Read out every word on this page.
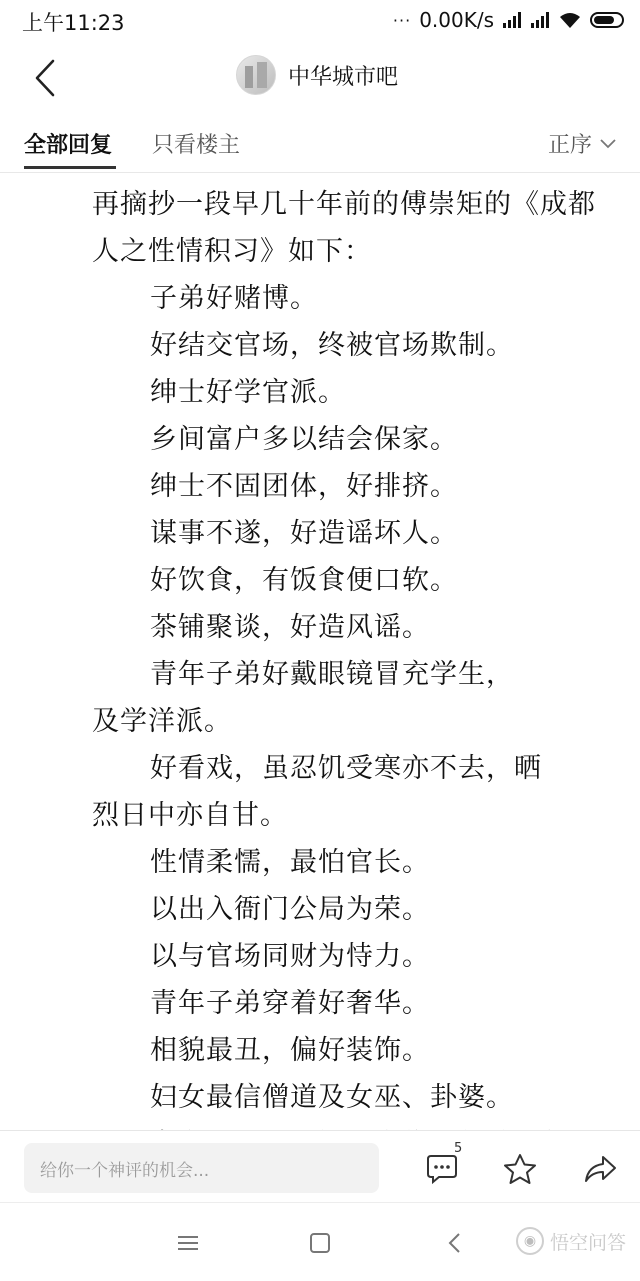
上午11:23	··· 0.00K/s
中华城市吧
全部回复 只看楼主	正序
再摘抄一段早几十年前的傅崇矩的《成都
人之性情积习》如下：
子弟好赌博。
好结交官场，终被官场欺制。
绅士好学官派。
乡间富户多以结会保家。
绅士不固团体，好排挤。
谋事不遂，好造谣坏人。
好饮食，有饭食便口软。
茶铺聚谈，好造风谣。
青年子弟好戴眼镜冒充学生，
及学洋派。
好看戏，虽忍饥受寒亦不去，晒
烈日中亦自甘。
性情柔懦，最怕官长。
以出入衙门公局为荣。
以与官场同财为恃力。
青年子弟穿着好奢华。
相貌最丑，偏好装饰。
妇女最信僧道及女巫、卦婆。
给你一个神评的机会...
5
◉ 悟空问答
